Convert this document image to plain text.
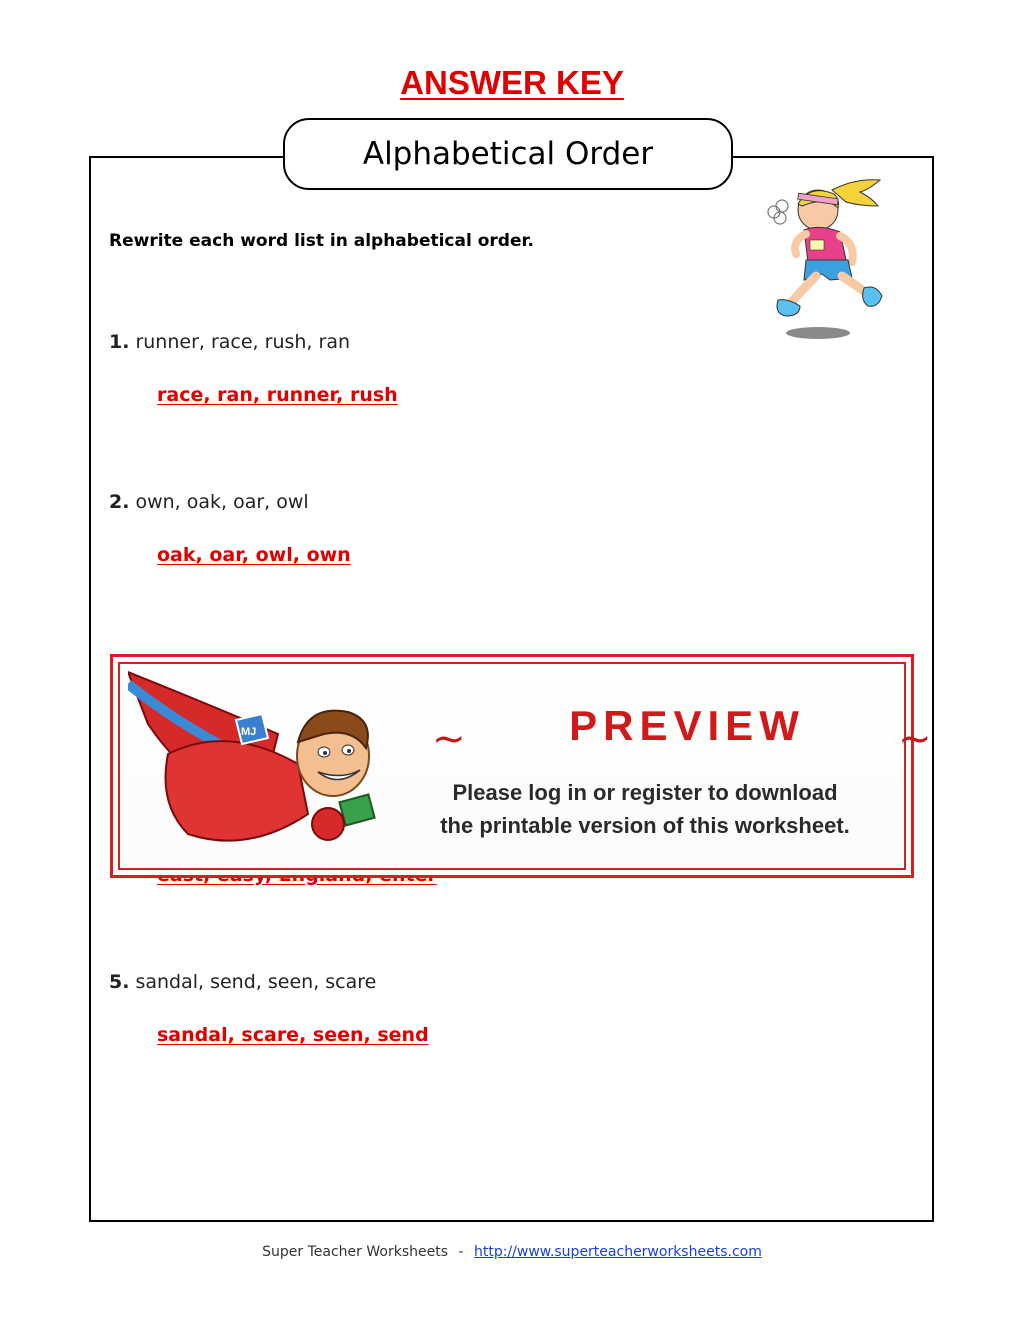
ANSWER KEY
Alphabetical Order
Rewrite each word list in alphabetical order.
1. runner, race, rush, ran
race, ran, runner, rush
2. own, oak, oar, owl
oak, oar, owl, own
5. sandal, send, seen, scare
sandal, scare, seen, send
MJ	~	PREVIEW	~
Please log in or register to download
the printable version of this worksheet.
Super Teacher Worksheets - http://www.superteacherworksheets.com
